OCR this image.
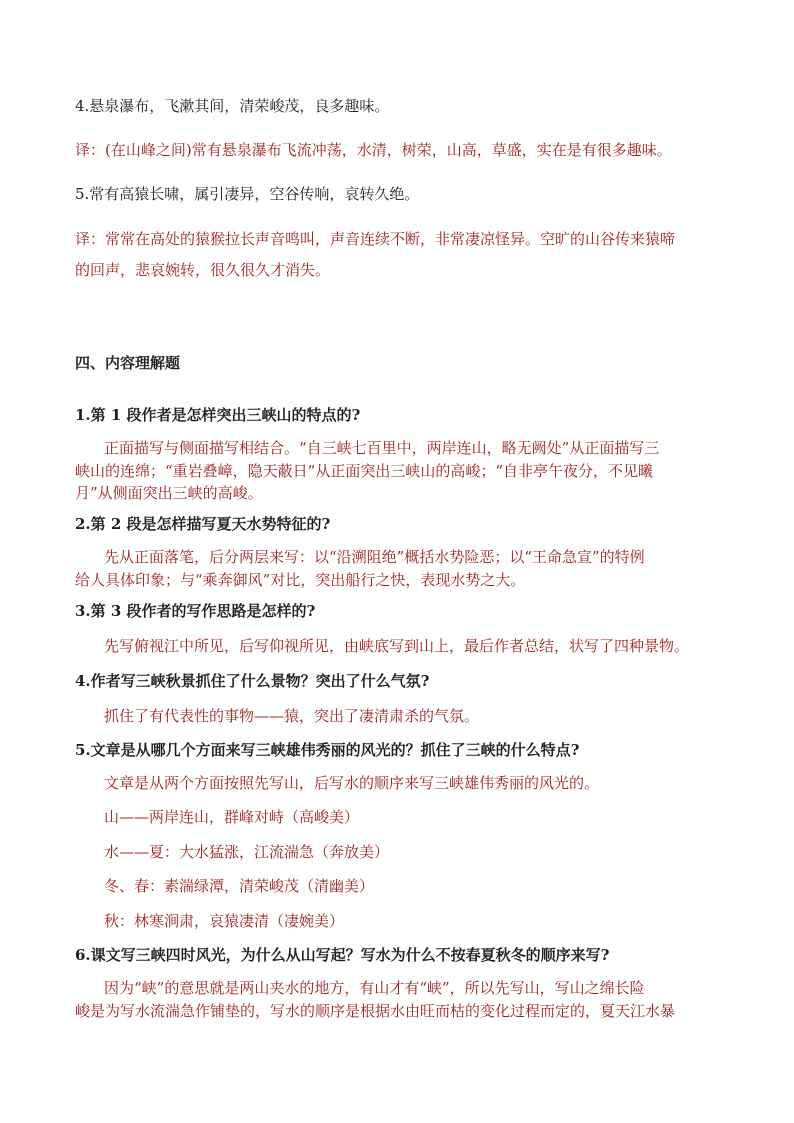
4.悬泉瀑布，飞漱其间，清荣峻茂，良多趣味。
译：(在山峰之间)常有悬泉瀑布飞流冲荡，水清，树荣，山高，草盛，实在是有很多趣味。
5.常有高猿长啸，属引凄异，空谷传响，哀转久绝。
译：常常在高处的猿猴拉长声音鸣叫，声音连续不断，非常凄凉怪异。空旷的山谷传来猿啼
的回声，悲哀婉转，很久很久才消失。
四、内容理解题
1.第 1 段作者是怎样突出三峡山的特点的?
正面描写与侧面描写相结合。“自三峡七百里中，两岸连山，略无阙处”从正面描写三
峡山的连绵；“重岩叠嶂，隐天蔽日”从正面突出三峡山的高峻；“自非亭午夜分，不见曦
月”从侧面突出三峡的高峻。
2.第 2 段是怎样描写夏天水势特征的?
先从正面落笔，后分两层来写：以“沿溯阻绝”概括水势险恶；以“王命急宣”的特例
给人具体印象；与“乘奔御风”对比，突出船行之快，表现水势之大。
3.第 3 段作者的写作思路是怎样的?
先写俯视江中所见，后写仰视所见，由峡底写到山上，最后作者总结，状写了四种景物。
4.作者写三峡秋景抓住了什么景物？突出了什么气氛?
抓住了有代表性的事物——猿，突出了凄清肃杀的气氛。
5.文章是从哪几个方面来写三峡雄伟秀丽的风光的？抓住了三峡的什么特点?
文章是从两个方面按照先写山，后写水的顺序来写三峡雄伟秀丽的风光的。
山——两岸连山，群峰对峙（高峻美）
水——夏：大水猛涨，江流湍急（奔放美）
冬、春：素湍绿潭，清荣峻茂（清幽美）
秋：林寒涧肃，哀猿凄清（凄婉美）
6.课文写三峡四时风光，为什么从山写起？写水为什么不按春夏秋冬的顺序来写?
因为“峡”的意思就是两山夹水的地方，有山才有“峡”，所以先写山，写山之绵长险
峻是为写水流湍急作铺垫的，写水的顺序是根据水由旺而枯的变化过程而定的，夏天江水暴
